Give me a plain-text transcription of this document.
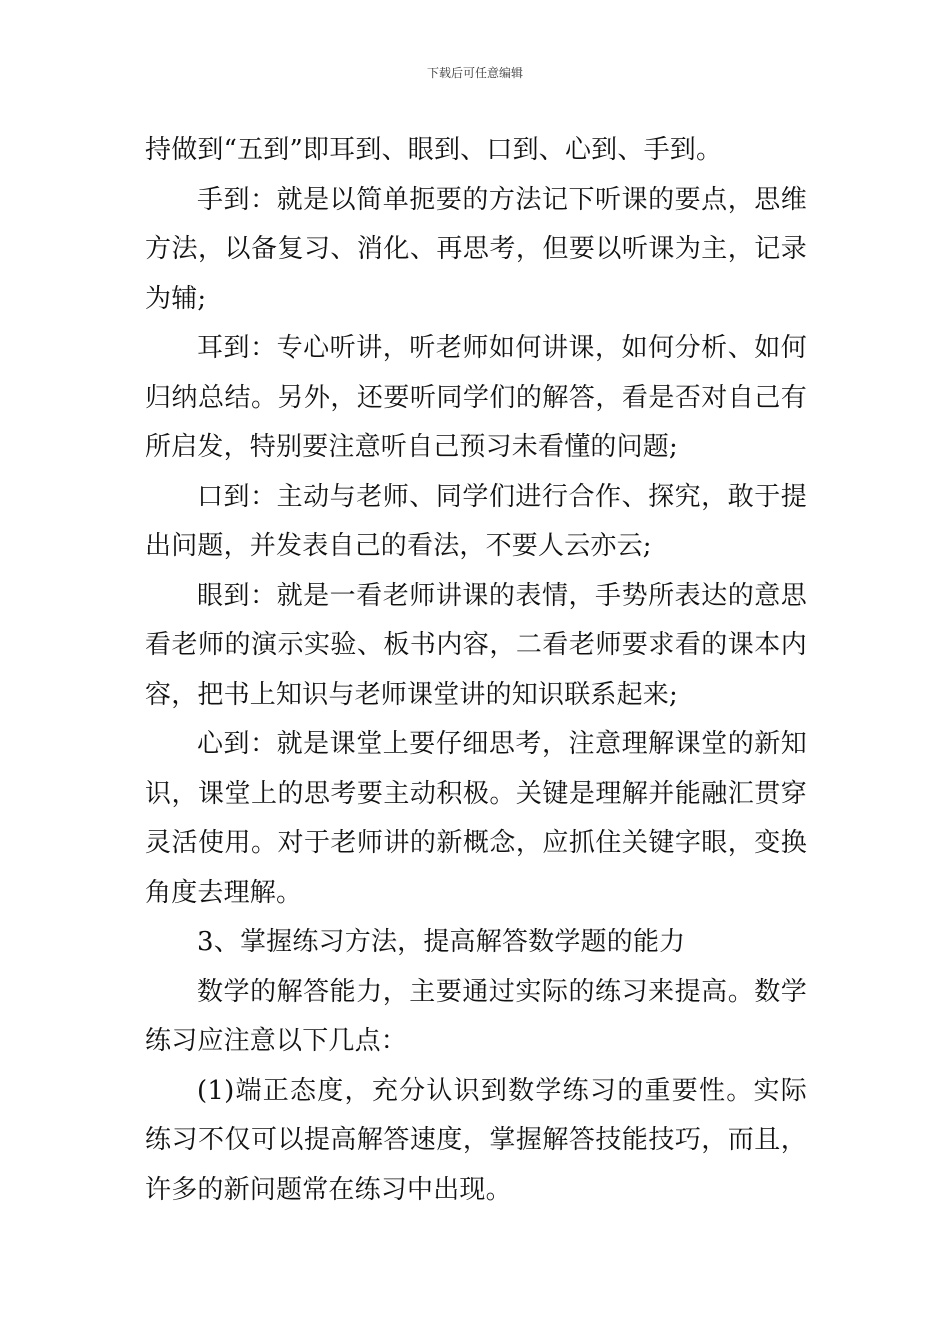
下载后可任意编辑

持做到“五到”即耳到、眼到、口到、心到、手到。

手到：就是以简单扼要的方法记下听课的要点，思维方法，以备复习、消化、再思考，但要以听课为主，记录为辅;

耳到：专心听讲，听老师如何讲课，如何分析、如何归纳总结。另外，还要听同学们的解答，看是否对自己有所启发，特别要注意听自己预习未看懂的问题;

口到：主动与老师、同学们进行合作、探究，敢于提出问题，并发表自己的看法，不要人云亦云;

眼到：就是一看老师讲课的表情，手势所表达的意思看老师的演示实验、板书内容，二看老师要求看的课本内容，把书上知识与老师课堂讲的知识联系起来;

心到：就是课堂上要仔细思考，注意理解课堂的新知识，课堂上的思考要主动积极。关键是理解并能融汇贯穿灵活使用。对于老师讲的新概念，应抓住关键字眼，变换角度去理解。

3、掌握练习方法，提高解答数学题的能力

数学的解答能力，主要通过实际的练习来提高。数学练习应注意以下几点：

(1)端正态度，充分认识到数学练习的重要性。实际练习不仅可以提高解答速度，掌握解答技能技巧，而且，许多的新问题常在练习中出现。
